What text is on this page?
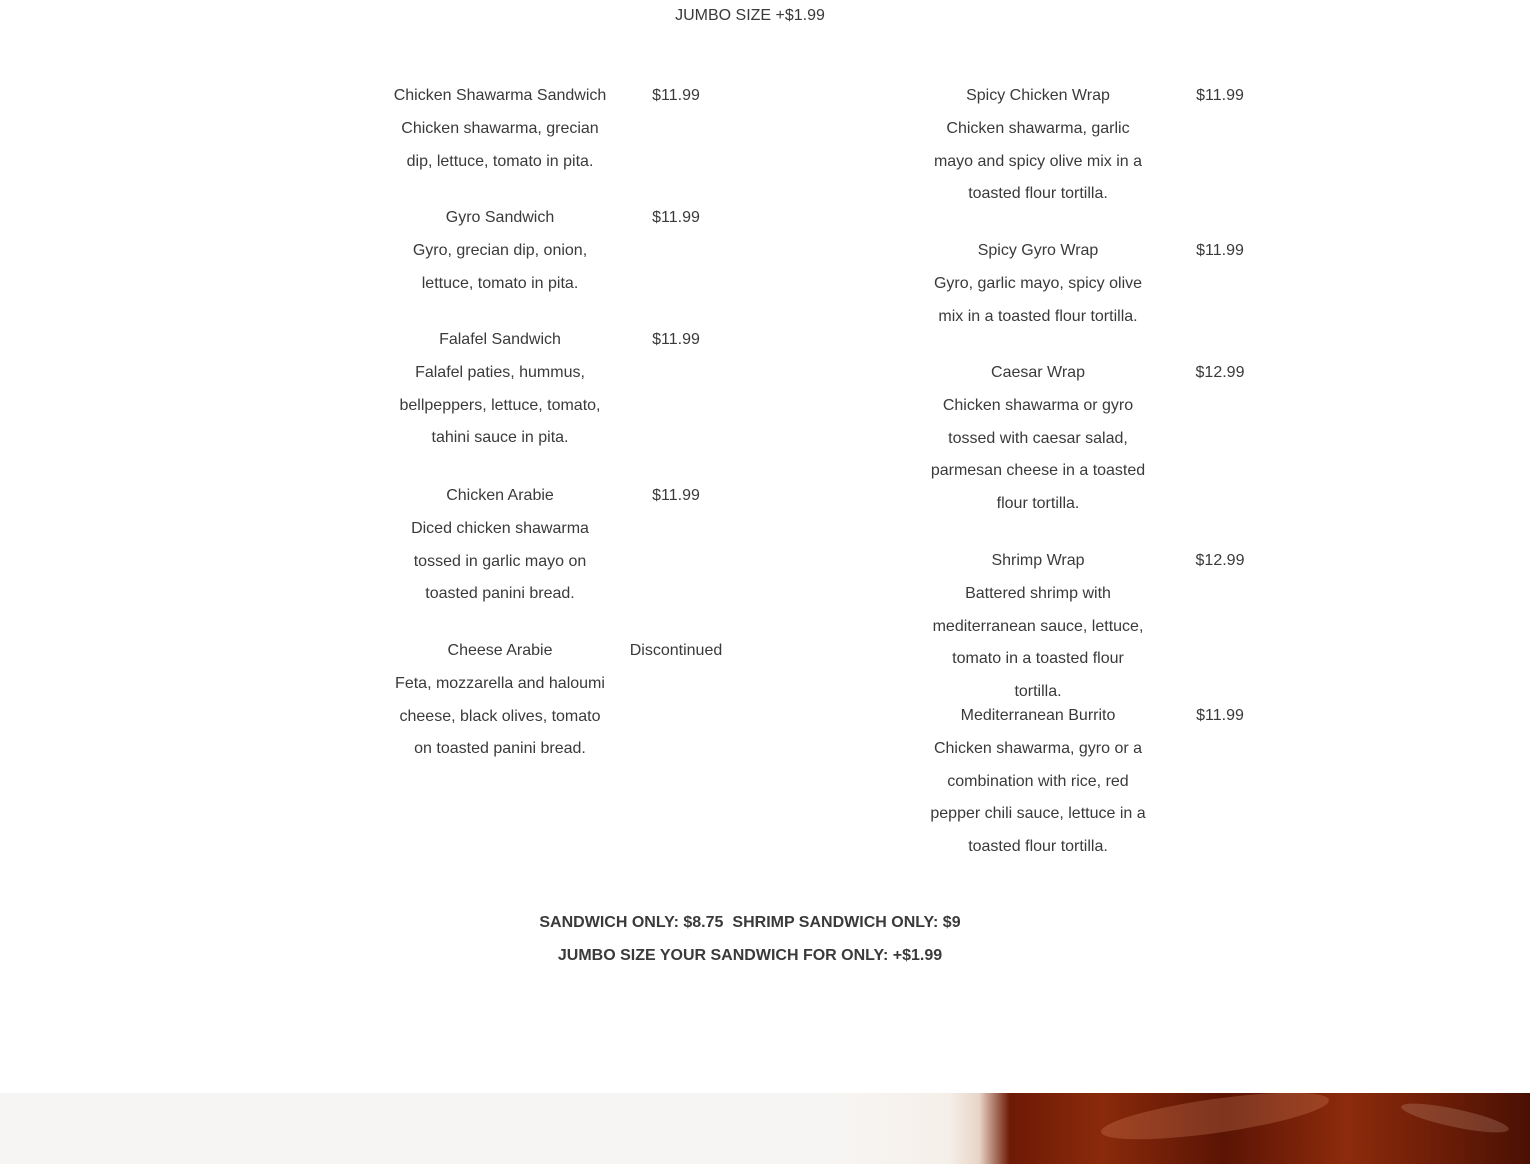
JUMBO SIZE +$1.99
Chicken Shawarma Sandwich	$11.99
Chicken shawarma, grecian dip, lettuce, tomato in pita.
Gyro Sandwich	$11.99
Gyro, grecian dip, onion, lettuce, tomato in pita.
Falafel Sandwich	$11.99
Falafel paties, hummus, bellpeppers, lettuce, tomato, tahini sauce in pita.
Chicken Arabie	$11.99
Diced chicken shawarma tossed in garlic mayo on toasted panini bread.
Cheese Arabie	Discontinued
Feta, mozzarella and haloumi cheese, black olives, tomato on toasted panini bread.
Spicy Chicken Wrap	$11.99
Chicken shawarma, garlic mayo and spicy olive mix in a toasted flour tortilla.
Spicy Gyro Wrap	$11.99
Gyro, garlic mayo, spicy olive mix in a toasted flour tortilla.
Caesar Wrap	$12.99
Chicken shawarma or gyro tossed with caesar salad, parmesan cheese in a toasted flour tortilla.
Shrimp Wrap	$12.99
Battered shrimp with mediterranean sauce, lettuce, tomato in a toasted flour tortilla.
Mediterranean Burrito	$11.99
Chicken shawarma, gyro or a combination with rice, red pepper chili sauce, lettuce in a toasted flour tortilla.
SANDWICH ONLY: $8.75 SHRIMP SANDWICH ONLY: $9
JUMBO SIZE YOUR SANDWICH FOR ONLY: +$1.99
